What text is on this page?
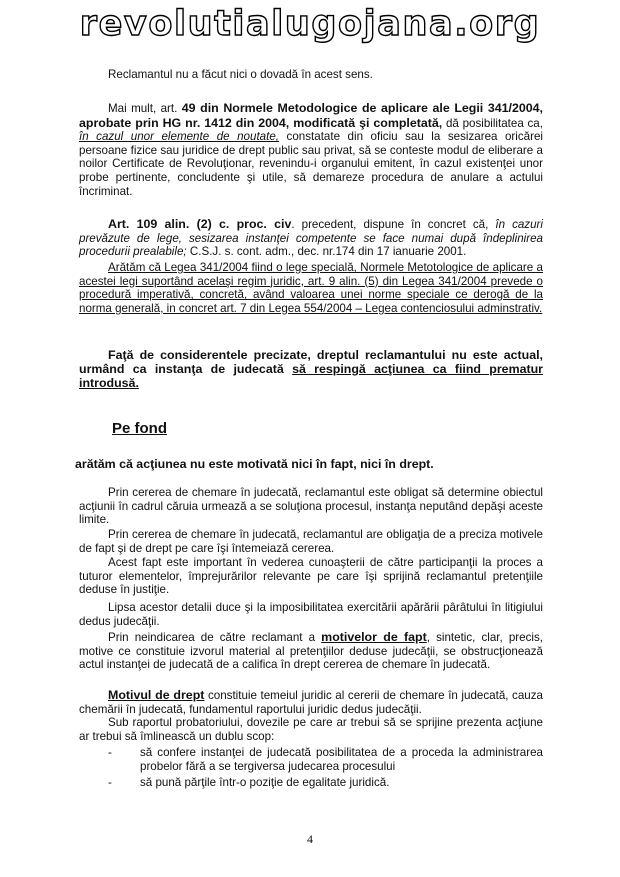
revolutialugojana.org

Reclamantul nu a făcut nici o dovadă în acest sens.

Mai mult, art. 49 din Normele Metodologice de aplicare ale Legii 341/2004, aprobate prin HG nr. 1412 din 2004, modificată şi completată, dă posibilitatea ca, în cazul unor elemente de noutate, constatate din oficiu sau la sesizarea oricărei persoane fizice sau juridice de drept public sau privat, să se conteste modul de eliberare a noilor Certificate de Revoluţionar, revenindu-i organului emitent, în cazul existenţei unor probe pertinente, concludente şi utile, să demareze procedura de anulare a actului încriminat.

Art. 109 alin. (2) c. proc. civ. precedent, dispune în concret că, în cazuri prevăzute de lege, sesizarea instanţei competente se face numai după îndeplinirea procedurii prealabile; C.S.J. s. cont. adm., dec. nr.174 din 17 ianuarie 2001.

Arătăm că Legea 341/2004 fiind o lege specială, Normele Metotologice de aplicare a acestei legi suportând acelaşi regim juridic, art. 9 alin. (5) din Legea 341/2004 prevede o procedură imperativă, concretă, având valoarea unei norme speciale ce derogă de la norma generală, in concret art. 7 din Legea 554/2004 – Legea contenciosului adminstrativ.

Faţă de considerentele precizate, dreptul reclamantului nu este actual, urmând ca instanţa de judecată să respingă acţiunea ca fiind prematur introdusă.

Pe fond

arătăm că acţiunea nu este motivată nici în fapt, nici în drept.

Prin cererea de chemare în judecată, reclamantul este obligat să determine obiectul acţiunii în cadrul căruia urmează a se soluţiona procesul, instanţa neputând depăşi aceste limite.

Prin cererea de chemare în judecată, reclamantul are obligaţia de a preciza motivele de fapt şi de drept pe care îşi întemeiază cererea.

Acest fapt este important în vederea cunoaşterii de către participanţii la proces a tuturor elementelor, împrejurărilor relevante pe care îşi sprijină reclamantul pretenţiile deduse în justiţie.

Lipsa acestor detalii duce şi la imposibilitatea exercitării apărării pârâtului în litigiului dedus judecăţii.

Prin neindicarea de către reclamant a motivelor de fapt, sintetic, clar, precis, motive ce constituie izvorul material al pretenţiilor deduse judecăţii, se obstrucţionează actul instanţei de judecată de a califica în drept cererea de chemare în judecată.

Motivul de drept constituie temeiul juridic al cererii de chemare în judecată, cauza chemării în judecată, fundamentul raportului juridic dedus judecăţii.

Sub raportul probatoriului, dovezile pe care ar trebui să se sprijine prezenta acţiune ar trebui să îmlinească un dublu scop:

-	să confere instanţei de judecată posibilitatea de a proceda la administrarea probelor fără a se tergiversa judecarea procesului
-	să pună părţile într-o poziţie de egalitate juridică.
4
